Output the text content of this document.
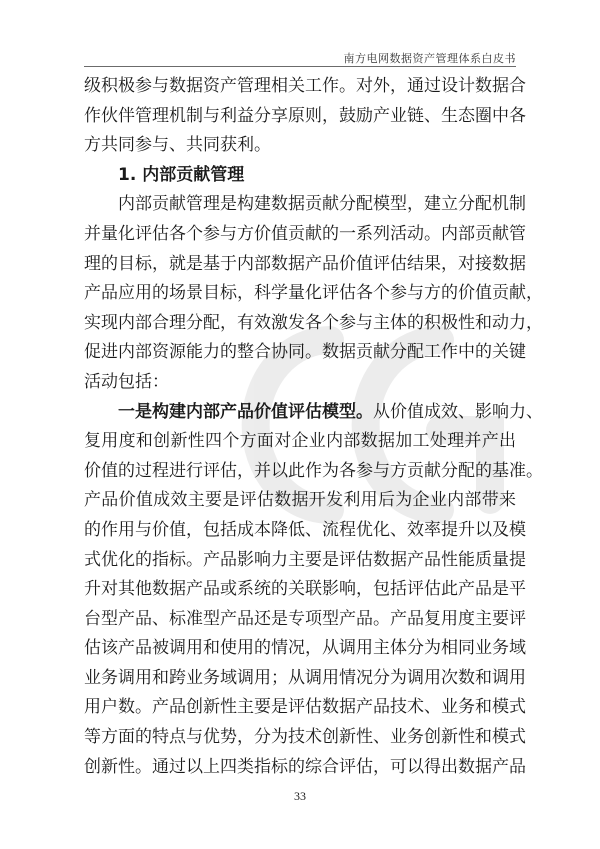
南方电网数据资产管理体系白皮书
级积极参与数据资产管理相关工作。对外，通过设计数据合
作伙伴管理机制与利益分享原则，鼓励产业链、生态圈中各
方共同参与、共同获利。
1. 内部贡献管理
内部贡献管理是构建数据贡献分配模型，建立分配机制
并量化评估各个参与方价值贡献的一系列活动。内部贡献管
理的目标，就是基于内部数据产品价值评估结果，对接数据
产品应用的场景目标，科学量化评估各个参与方的价值贡献，
实现内部合理分配，有效激发各个参与主体的积极性和动力，
促进内部资源能力的整合协同。数据贡献分配工作中的关键
活动包括：
一是构建内部产品价值评估模型。从价值成效、影响力、
复用度和创新性四个方面对企业内部数据加工处理并产出
价值的过程进行评估，并以此作为各参与方贡献分配的基准。
产品价值成效主要是评估数据开发利用后为企业内部带来
的作用与价值，包括成本降低、流程优化、效率提升以及模
式优化的指标。产品影响力主要是评估数据产品性能质量提
升对其他数据产品或系统的关联影响，包括评估此产品是平
台型产品、标准型产品还是专项型产品。产品复用度主要评
估该产品被调用和使用的情况，从调用主体分为相同业务域
业务调用和跨业务域调用；从调用情况分为调用次数和调用
用户数。产品创新性主要是评估数据产品技术、业务和模式
等方面的特点与优势，分为技术创新性、业务创新性和模式
创新性。通过以上四类指标的综合评估，可以得出数据产品
33
